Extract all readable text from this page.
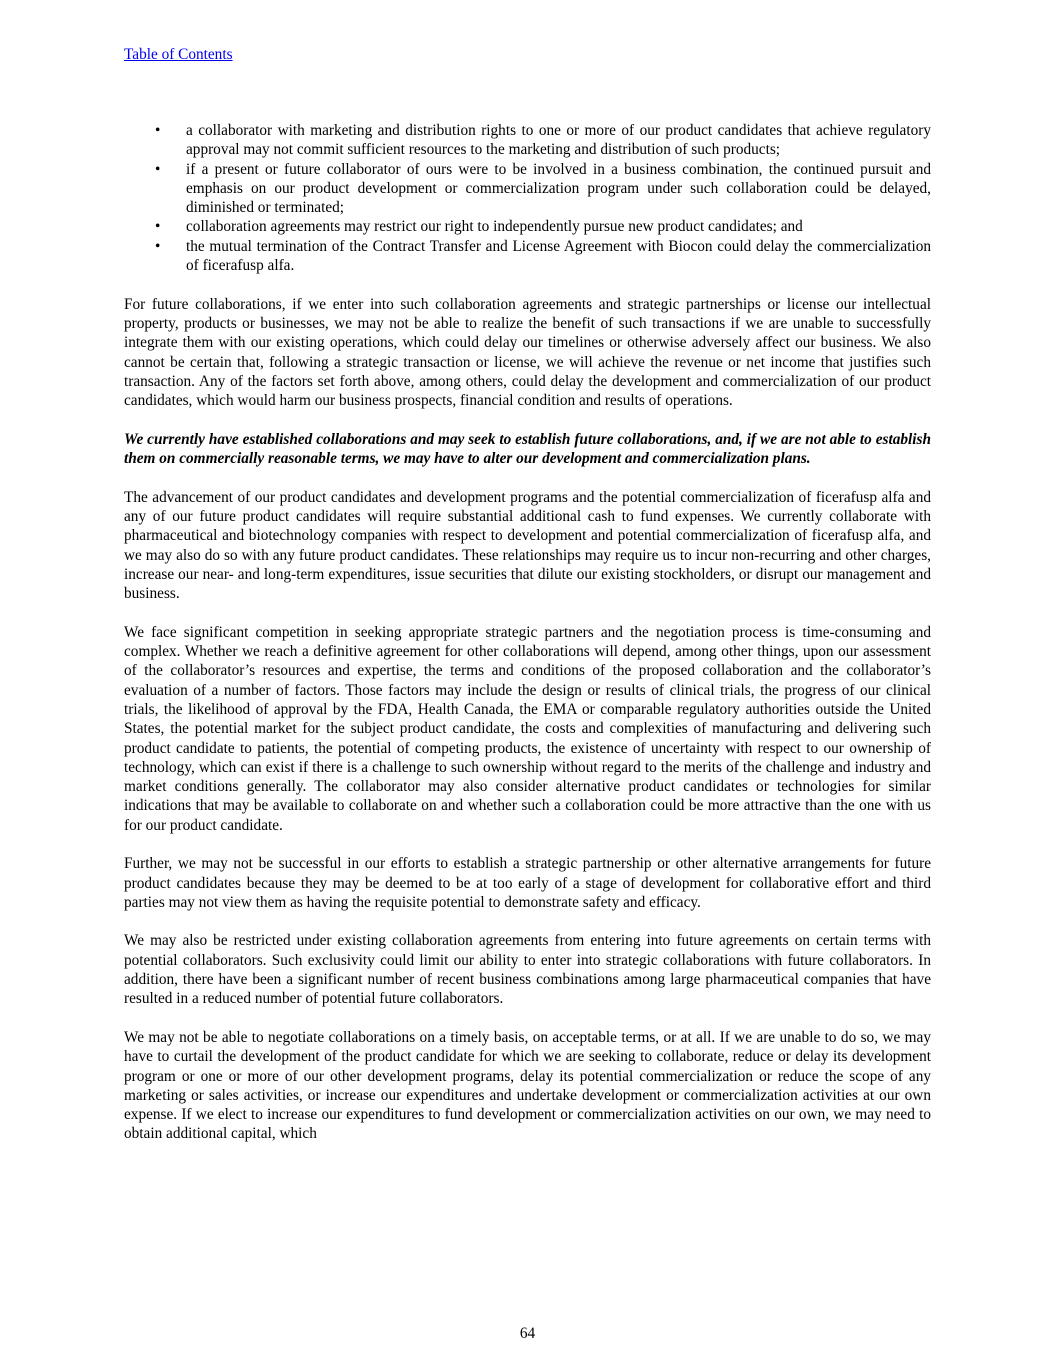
Table of Contents
• a collaborator with marketing and distribution rights to one or more of our product candidates that achieve regulatory approval may not commit sufficient resources to the marketing and distribution of such products;
• if a present or future collaborator of ours were to be involved in a business combination, the continued pursuit and emphasis on our product development or commercialization program under such collaboration could be delayed, diminished or terminated;
• collaboration agreements may restrict our right to independently pursue new product candidates; and
• the mutual termination of the Contract Transfer and License Agreement with Biocon could delay the commercialization of ficerafusp alfa.

For future collaborations, if we enter into such collaboration agreements and strategic partnerships or license our intellectual property, products or businesses, we may not be able to realize the benefit of such transactions if we are unable to successfully integrate them with our existing operations, which could delay our timelines or otherwise adversely affect our business. We also cannot be certain that, following a strategic transaction or license, we will achieve the revenue or net income that justifies such transaction. Any of the factors set forth above, among others, could delay the development and commercialization of our product candidates, which would harm our business prospects, financial condition and results of operations.

We currently have established collaborations and may seek to establish future collaborations, and, if we are not able to establish them on commercially reasonable terms, we may have to alter our development and commercialization plans.

The advancement of our product candidates and development programs and the potential commercialization of ficerafusp alfa and any of our future product candidates will require substantial additional cash to fund expenses. We currently collaborate with pharmaceutical and biotechnology companies with respect to development and potential commercialization of ficerafusp alfa, and we may also do so with any future product candidates. These relationships may require us to incur non-recurring and other charges, increase our near- and long-term expenditures, issue securities that dilute our existing stockholders, or disrupt our management and business.

We face significant competition in seeking appropriate strategic partners and the negotiation process is time-consuming and complex. Whether we reach a definitive agreement for other collaborations will depend, among other things, upon our assessment of the collaborator’s resources and expertise, the terms and conditions of the proposed collaboration and the collaborator’s evaluation of a number of factors. Those factors may include the design or results of clinical trials, the progress of our clinical trials, the likelihood of approval by the FDA, Health Canada, the EMA or comparable regulatory authorities outside the United States, the potential market for the subject product candidate, the costs and complexities of manufacturing and delivering such product candidate to patients, the potential of competing products, the existence of uncertainty with respect to our ownership of technology, which can exist if there is a challenge to such ownership without regard to the merits of the challenge and industry and market conditions generally. The collaborator may also consider alternative product candidates or technologies for similar indications that may be available to collaborate on and whether such a collaboration could be more attractive than the one with us for our product candidate.

Further, we may not be successful in our efforts to establish a strategic partnership or other alternative arrangements for future product candidates because they may be deemed to be at too early of a stage of development for collaborative effort and third parties may not view them as having the requisite potential to demonstrate safety and efficacy.

We may also be restricted under existing collaboration agreements from entering into future agreements on certain terms with potential collaborators. Such exclusivity could limit our ability to enter into strategic collaborations with future collaborators. In addition, there have been a significant number of recent business combinations among large pharmaceutical companies that have resulted in a reduced number of potential future collaborators.

We may not be able to negotiate collaborations on a timely basis, on acceptable terms, or at all. If we are unable to do so, we may have to curtail the development of the product candidate for which we are seeking to collaborate, reduce or delay its development program or one or more of our other development programs, delay its potential commercialization or reduce the scope of any marketing or sales activities, or increase our expenditures and undertake development or commercialization activities at our own expense. If we elect to increase our expenditures to fund development or commercialization activities on our own, we may need to obtain additional capital, which

64
